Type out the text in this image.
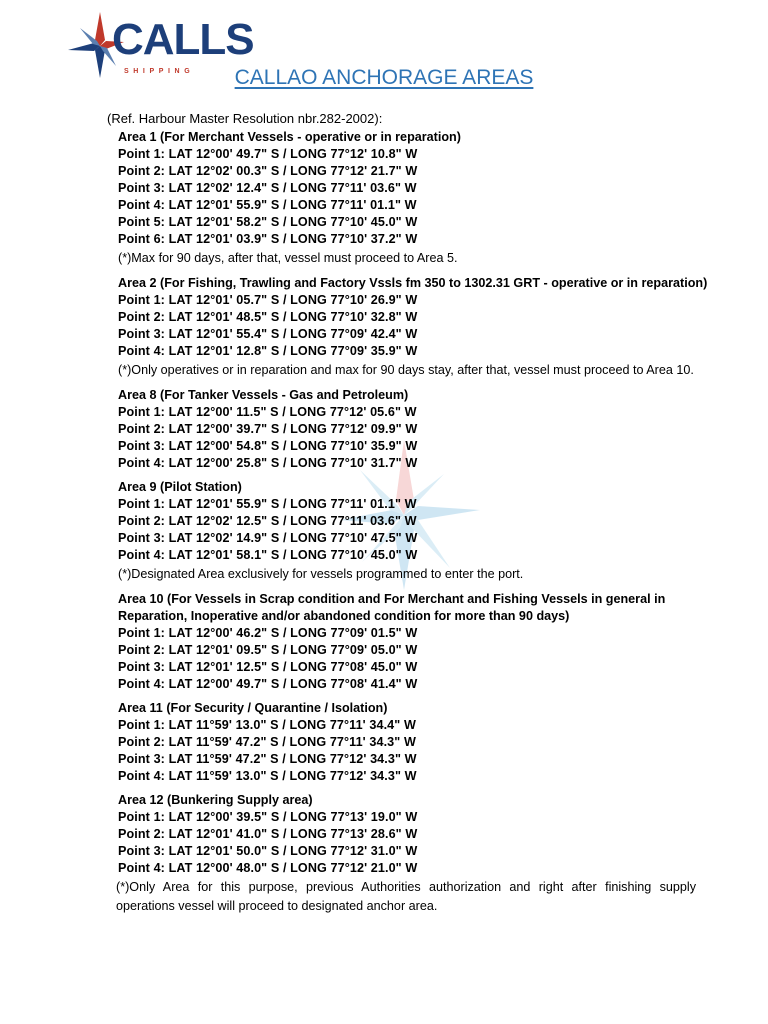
CALLS
SHIPPING	CALLAO ANCHORAGE AREAS
(Ref. Harbour Master Resolution nbr.282-2002):
Area 1 (For Merchant Vessels - operative or in reparation)
Point 1: LAT 12°00' 49.7" S / LONG 77°12' 10.8" W
Point 2: LAT 12°02' 00.3" S / LONG 77°12' 21.7" W
Point 3: LAT 12°02' 12.4" S / LONG 77°11' 03.6" W
Point 4: LAT 12°01' 55.9" S / LONG 77°11' 01.1" W
Point 5: LAT 12°01' 58.2" S / LONG 77°10' 45.0" W
Point 6: LAT 12°01' 03.9" S / LONG 77°10' 37.2" W
(*)Max for 90 days, after that, vessel must proceed to Area 5.
Area 2 (For Fishing, Trawling and Factory Vssls fm 350 to 1302.31 GRT - operative or in reparation)
Point 1: LAT 12°01' 05.7" S / LONG 77°10' 26.9" W
Point 2: LAT 12°01' 48.5" S / LONG 77°10' 32.8" W
Point 3: LAT 12°01' 55.4" S / LONG 77°09' 42.4" W
Point 4: LAT 12°01' 12.8" S / LONG 77°09' 35.9" W
(*)Only operatives or in reparation and max for 90 days stay, after that, vessel must proceed to Area 10.
Area 8 (For Tanker Vessels - Gas and Petroleum)
Point 1: LAT 12°00' 11.5" S / LONG 77°12' 05.6" W
Point 2: LAT 12°00' 39.7" S / LONG 77°12' 09.9" W
Point 3: LAT 12°00' 54.8" S / LONG 77°10' 35.9" W
Point 4: LAT 12°00' 25.8" S / LONG 77°10' 31.7" W
Area 9 (Pilot Station)
Point 1: LAT 12°01' 55.9" S / LONG 77°11' 01.1" W
Point 2: LAT 12°02' 12.5" S / LONG 77°11' 03.6" W
Point 3: LAT 12°02' 14.9" S / LONG 77°10' 47.5" W
Point 4: LAT 12°01' 58.1" S / LONG 77°10' 45.0" W
(*)Designated Area exclusively for vessels programmed to enter the port.
Area 10 (For Vessels in Scrap condition and For Merchant and Fishing Vessels in general in Reparation, Inoperative and/or abandoned condition for more than 90 days)
Point 1: LAT 12°00' 46.2" S / LONG 77°09' 01.5" W
Point 2: LAT 12°01' 09.5" S / LONG 77°09' 05.0" W
Point 3: LAT 12°01' 12.5" S / LONG 77°08' 45.0" W
Point 4: LAT 12°00' 49.7" S / LONG 77°08' 41.4" W
Area 11 (For Security / Quarantine / Isolation)
Point 1: LAT 11°59' 13.0" S / LONG 77°11' 34.4" W
Point 2: LAT 11°59' 47.2" S / LONG 77°11' 34.3" W
Point 3: LAT 11°59' 47.2" S / LONG 77°12' 34.3" W
Point 4: LAT 11°59' 13.0" S / LONG 77°12' 34.3" W
Area 12 (Bunkering Supply area)
Point 1: LAT 12°00' 39.5" S / LONG 77°13' 19.0" W
Point 2: LAT 12°01' 41.0" S / LONG 77°13' 28.6" W
Point 3: LAT 12°01' 50.0" S / LONG 77°12' 31.0" W
Point 4: LAT 12°00' 48.0" S / LONG 77°12' 21.0" W
(*)Only Area for this purpose, previous Authorities authorization and right after finishing supply operations vessel will proceed to designated anchor area.
